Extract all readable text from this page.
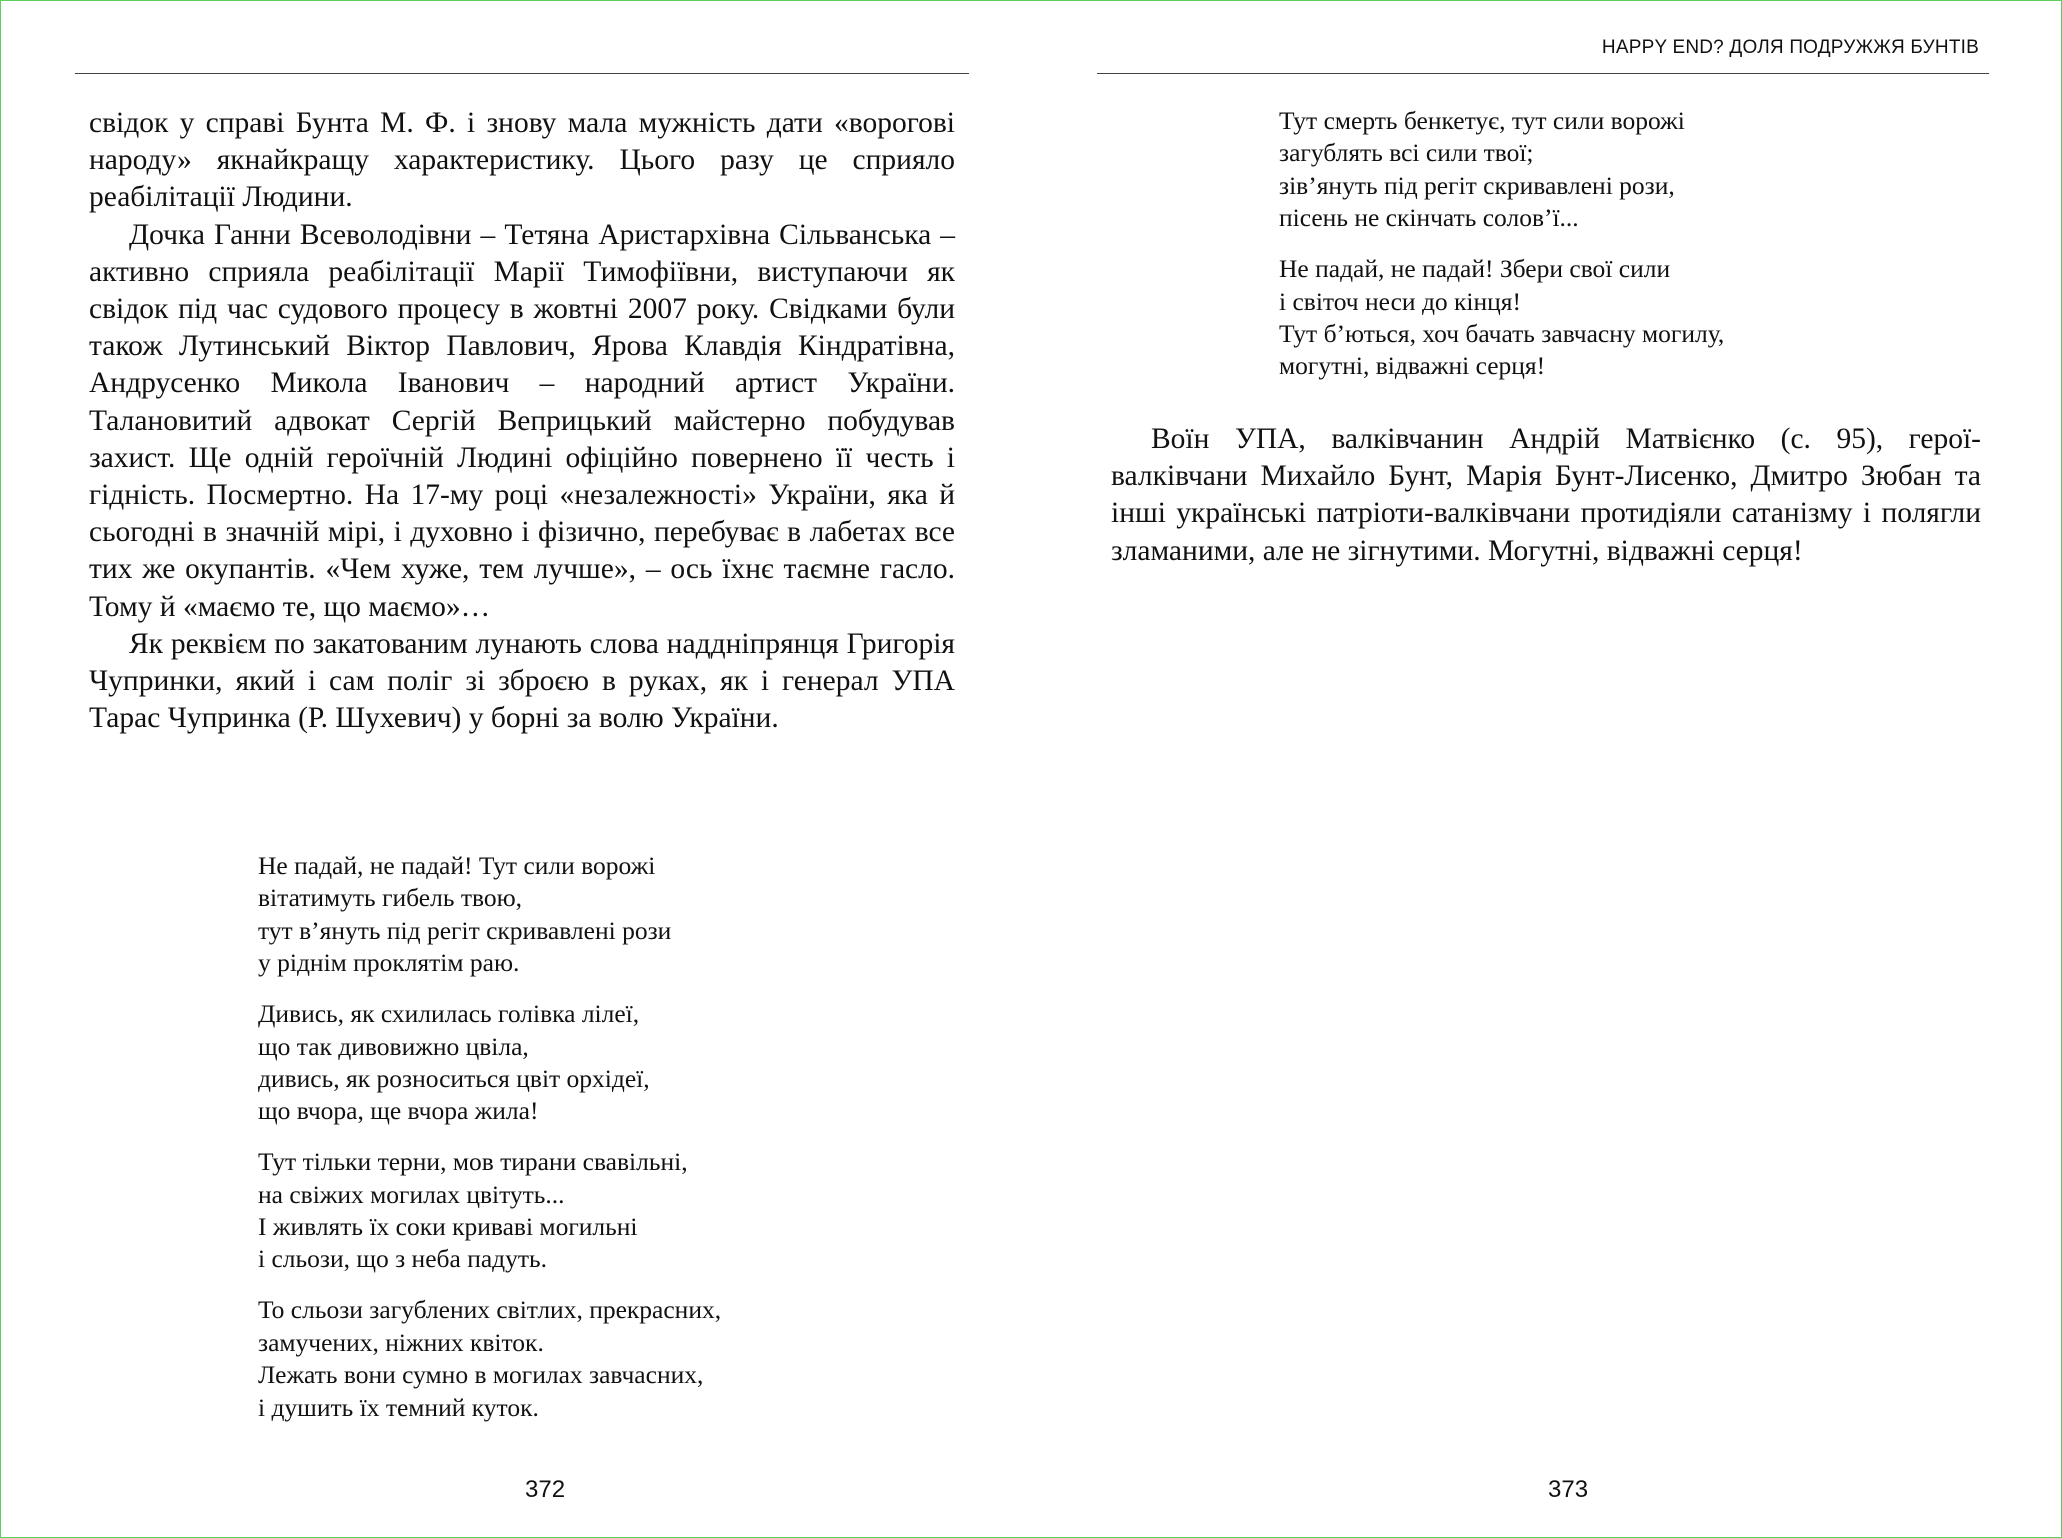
свідок у справі Бунта М. Ф. і знову мала мужність дати «ворогові народу» якнайкращу характеристику. Цього разу це сприяло реабілітації Людини.

Дочка Ганни Всеволодівни – Тетяна Аристархівна Сільванська – активно сприяла реабілітації Марії Тимофіївни, виступаючи як свідок під час судового процесу в жовтні 2007 року. Свідками були також Лутинський Віктор Павлович, Ярова Клавдія Кіндратівна, Андрусенко Микола Іванович – народний артист України. Талановитий адвокат Сергій Веприцький майстерно побудував захист. Ще одній героїчній Людині офіційно повернено її честь і гідність. Посмертно. На 17-му році «незалежності» України, яка й сьогодні в значній мірі, і духовно і фізично, перебуває в лабетах все тих же окупантів. «Чем хуже, тем лучше», – ось їхнє таємне гасло. Тому й «маємо те, що маємо»…

Як реквієм по закатованим лунають слова наддніпрянця Григорія Чупринки, який і сам поліг зі зброєю в руках, як і генерал УПА Тарас Чупринка (Р. Шухевич) у борні за волю України.

Не падай, не падай! Тут сили ворожі
вітатимуть гибель твою,
тут в’януть під регіт скривавлені рози
у ріднім проклятім раю.
Дивись, як схилилась голівка лілеї,
що так дивовижно цвіла,
дивись, як розноситься цвіт орхідеї,
що вчора, ще вчора жила!
Тут тільки терни, мов тирани свавільні,
на свіжих могилах цвітуть...
І живлять їх соки криваві могильні
і сльози, що з неба падуть.
То сльози загублених світлих, прекрасних,
замучених, ніжних квіток.
Лежать вони сумно в могилах завчасних,
і душить їх темний куток.
372
HAPPY END? ДОЛЯ ПОДРУЖЖЯ БУНТІВ
Тут смерть бенкетує, тут сили ворожі
загублять всі сили твої;
зів’януть під регіт скривавлені рози,
пісень не скінчать солов’ї...
Не падай, не падай! Збери свої сили
і світоч неси до кінця!
Тут б’ються, хоч бачать завчасну могилу,
могутні, відважні серця!

Воїн УПА, валківчанин Андрій Матвієнко (с. 95), герої-валківчани Михайло Бунт, Марія Бунт-Лисенко, Дмитро Зюбан та інші українські патріоти-валківчани протидіяли сатанізму і полягли зламаними, але не зігнутими. Могутні, відважні серця!

373
